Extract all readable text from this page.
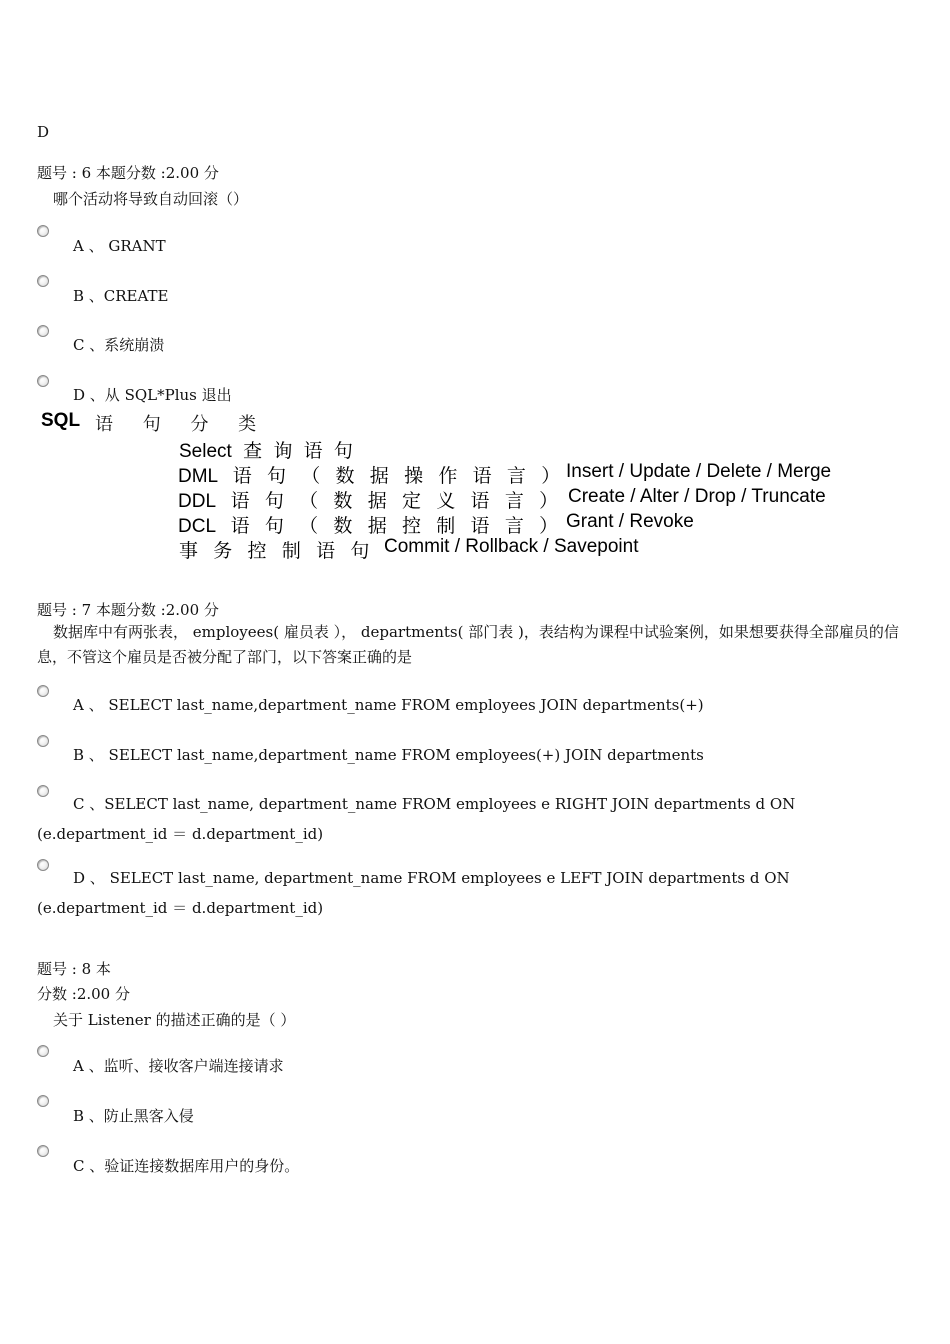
D
题号 : 6 本题分数 :2.00 分
哪个活动将导致自动回滚（）
A 、 GRANT
B 、CREATE
C 、系统崩溃
D 、从 SQL*Plus 退出
SQL 语 句 分 类
Select 查 询 语 句
DML 语 句 （ 数 据 操 作 语 言 ） Insert / Update / Delete / Merge
DDL 语 句 （ 数 据 定 义 语 言 ） Create / Alter / Drop / Truncate
DCL 语 句 （ 数 据 控 制 语 言 ） Grant / Revoke
事 务 控 制 语 句 Commit / Rollback / Savepoint
题号 : 7 本题分数 :2.00 分
数据库中有两张表， employees( 雇员表 ）， departments( 部门表 )，表结构为课程中试验案例，如果想要获得全部雇员的信息，不管这个雇员是否被分配了部门，以下答案正确的是
A 、 SELECT last_name,department_name FROM employees JOIN departments(+)
B 、 SELECT last_name,department_name FROM employees(+) JOIN departments
C 、SELECT last_name, department_name FROM employees e RIGHT JOIN departments d ON (e.department_id ＝ d.department_id)
D 、 SELECT last_name, department_name FROM employees e LEFT JOIN departments d ON (e.department_id ＝ d.department_id)
题号 : 8 本
分数 :2.00 分
关于 Listener 的描述正确的是（ ）
A 、监听、接收客户端连接请求
B 、防止黑客入侵
C 、验证连接数据库用户的身份。
